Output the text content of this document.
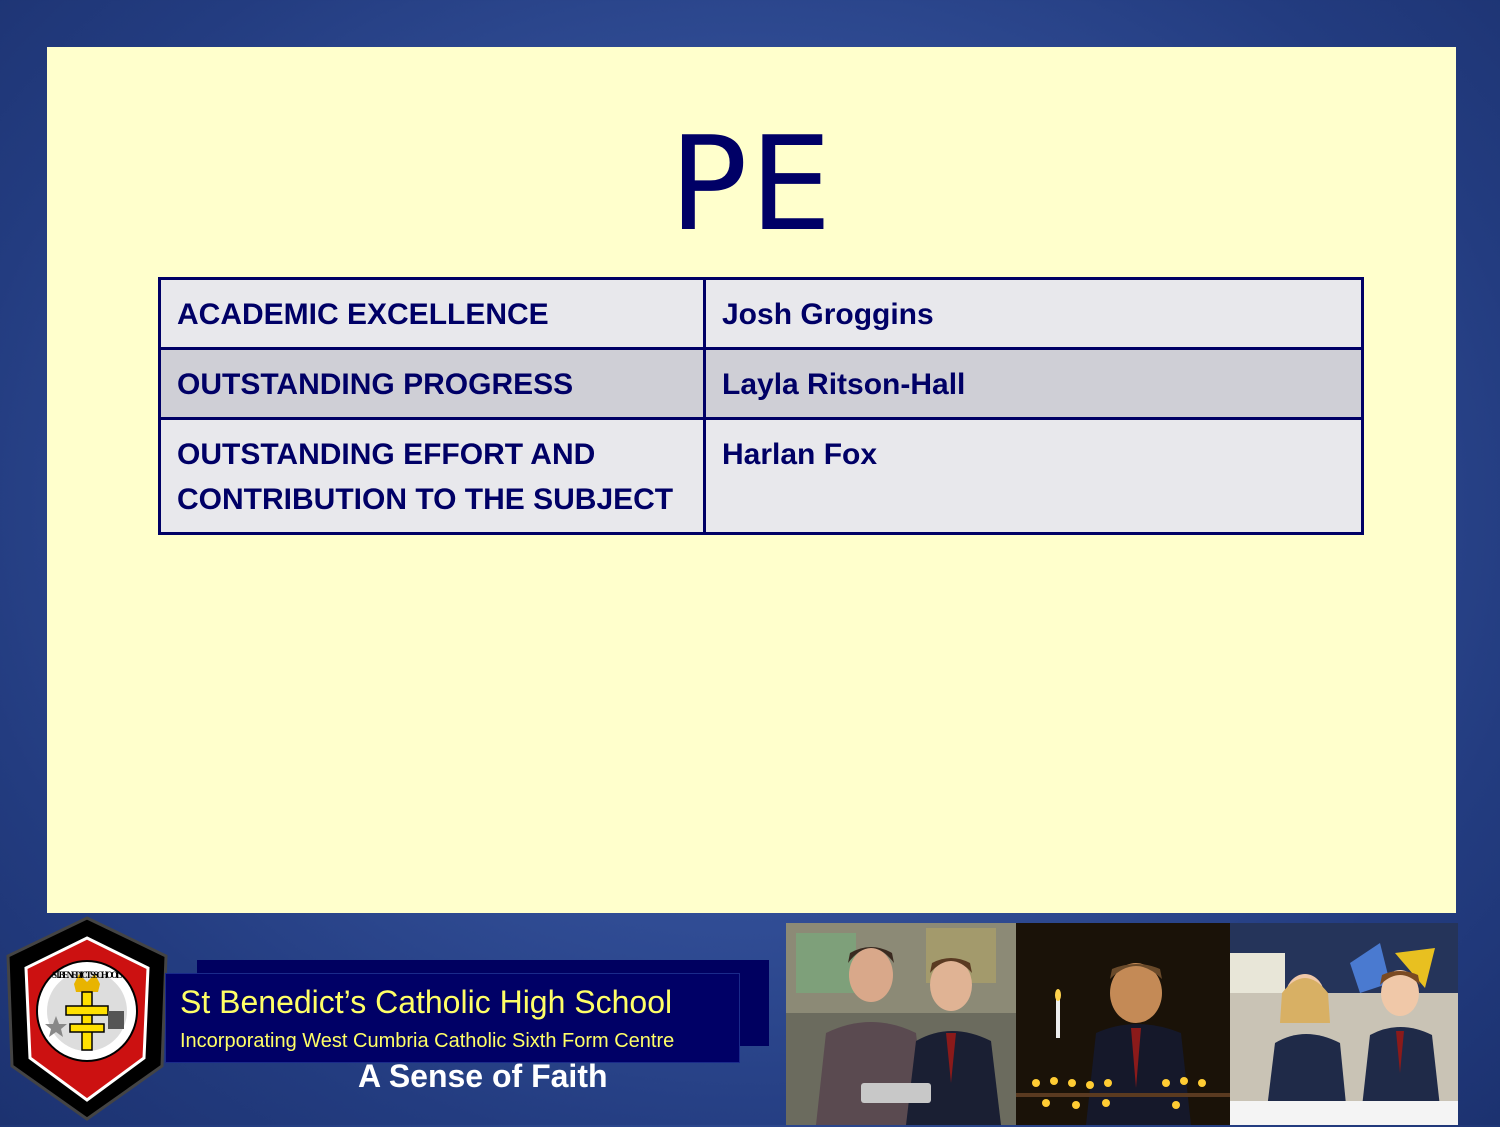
PE
ACADEMIC EXCELLENCE	Josh Groggins
OUTSTANDING PROGRESS	Layla Ritson-Hall
OUTSTANDING EFFORT AND CONTRIBUTION TO THE SUBJECT	Harlan Fox
ST. BENEDICT'S SCHOOL
St Benedict’s Catholic High School
Incorporating West Cumbria Catholic Sixth Form Centre
A Sense of Faith
